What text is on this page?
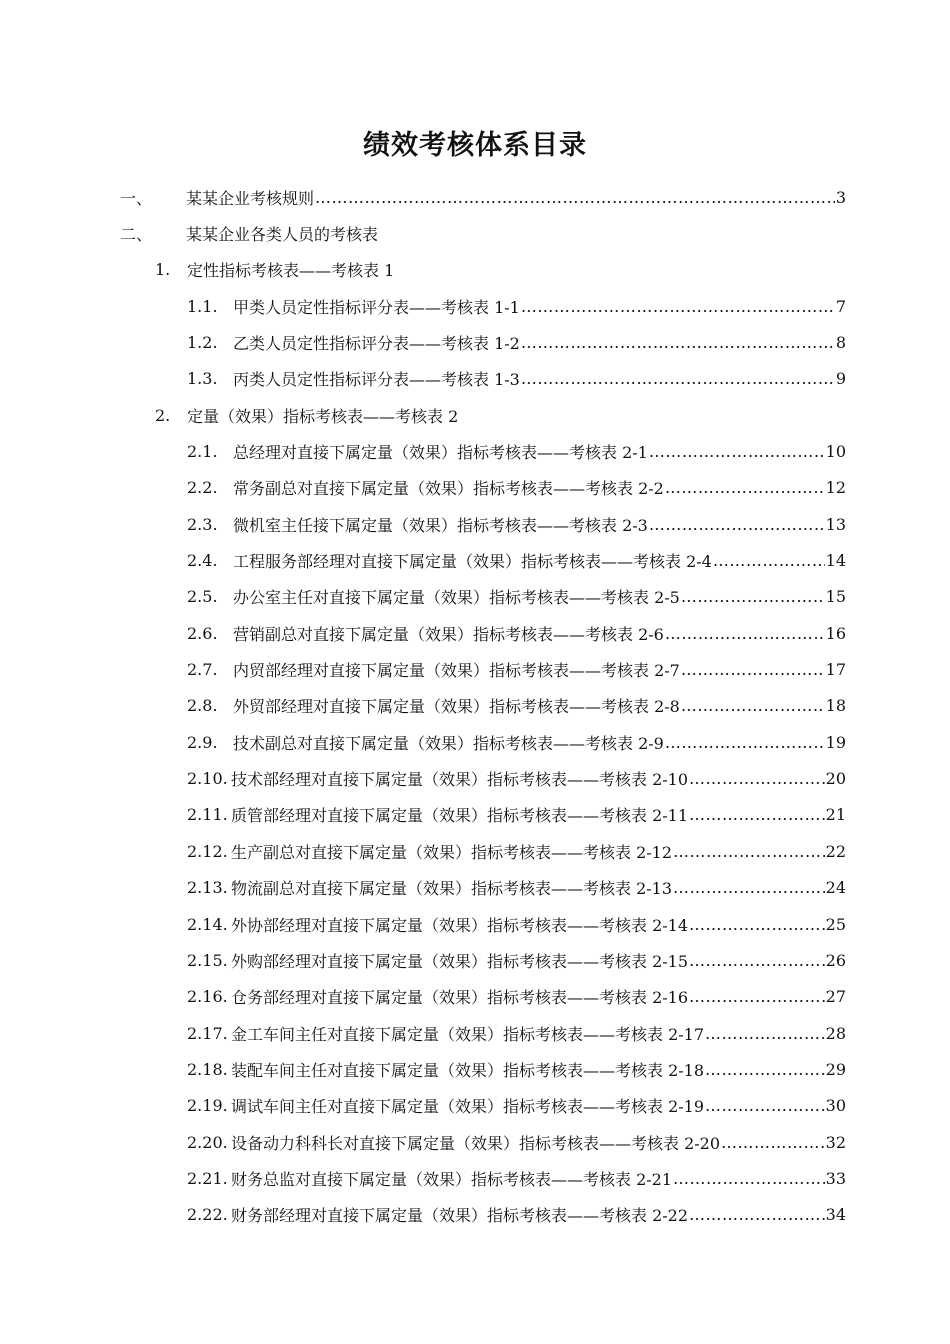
绩效考核体系目录
一、	某某企业考核规则 …………………………………………………………………………………………………………………………………………………………………………………………………………	3
二、	某某企业各类人员的考核表
1.	定性指标考核表——考核表 1
1.1. 甲类人员定性指标评分表——考核表 1-1 …………………………………………………………………………………………………………………………………………………………………………………………………………	7
1.2. 乙类人员定性指标评分表——考核表 1-2 …………………………………………………………………………………………………………………………………………………………………………………………………………	8
1.3. 丙类人员定性指标评分表——考核表 1-3 …………………………………………………………………………………………………………………………………………………………………………………………………………	9
2.	定量（效果）指标考核表——考核表 2
2.1. 总经理对直接下属定量（效果）指标考核表——考核表 2-1 …………………………………………………………………………………………………………………………………………………………………………………………………………	10
2.2. 常务副总对直接下属定量（效果）指标考核表——考核表 2-2 …………………………………………………………………………………………………………………………………………………………………………………………………………	12
2.3. 微机室主任接下属定量（效果）指标考核表——考核表 2-3 …………………………………………………………………………………………………………………………………………………………………………………………………………	13
2.4. 工程服务部经理对直接下属定量（效果）指标考核表——考核表 2-4 …………………………………………………………………………………………………………………………………………………………………………………………………………	14
2.5. 办公室主任对直接下属定量（效果）指标考核表——考核表 2-5 …………………………………………………………………………………………………………………………………………………………………………………………………………	15
2.6. 营销副总对直接下属定量（效果）指标考核表——考核表 2-6 …………………………………………………………………………………………………………………………………………………………………………………………………………	16
2.7. 内贸部经理对直接下属定量（效果）指标考核表——考核表 2-7 …………………………………………………………………………………………………………………………………………………………………………………………………………	17
2.8. 外贸部经理对直接下属定量（效果）指标考核表——考核表 2-8 …………………………………………………………………………………………………………………………………………………………………………………………………………	18
2.9. 技术副总对直接下属定量（效果）指标考核表——考核表 2-9 …………………………………………………………………………………………………………………………………………………………………………………………………………	19
2.10. 技术部经理对直接下属定量（效果）指标考核表——考核表 2-10 …………………………………………………………………………………………………………………………………………………………………………………………………………	20
2.11. 质管部经理对直接下属定量（效果）指标考核表——考核表 2-11 …………………………………………………………………………………………………………………………………………………………………………………………………………	21
2.12. 生产副总对直接下属定量（效果）指标考核表——考核表 2-12 …………………………………………………………………………………………………………………………………………………………………………………………………………	22
2.13. 物流副总对直接下属定量（效果）指标考核表——考核表 2-13 …………………………………………………………………………………………………………………………………………………………………………………………………………	24
2.14. 外协部经理对直接下属定量（效果）指标考核表——考核表 2-14 …………………………………………………………………………………………………………………………………………………………………………………………………………	25
2.15. 外购部经理对直接下属定量（效果）指标考核表——考核表 2-15 …………………………………………………………………………………………………………………………………………………………………………………………………………	26
2.16. 仓务部经理对直接下属定量（效果）指标考核表——考核表 2-16 …………………………………………………………………………………………………………………………………………………………………………………………………………	27
2.17. 金工车间主任对直接下属定量（效果）指标考核表——考核表 2-17 …………………………………………………………………………………………………………………………………………………………………………………………………………	28
2.18. 装配车间主任对直接下属定量（效果）指标考核表——考核表 2-18 …………………………………………………………………………………………………………………………………………………………………………………………………………	29
2.19. 调试车间主任对直接下属定量（效果）指标考核表——考核表 2-19 …………………………………………………………………………………………………………………………………………………………………………………………………………	30
2.20. 设备动力科科长对直接下属定量（效果）指标考核表——考核表 2-20 …………………………………………………………………………………………………………………………………………………………………………………………………………	32
2.21. 财务总监对直接下属定量（效果）指标考核表——考核表 2-21 …………………………………………………………………………………………………………………………………………………………………………………………………………	33
2.22. 财务部经理对直接下属定量（效果）指标考核表——考核表 2-22 …………………………………………………………………………………………………………………………………………………………………………………………………………	34
